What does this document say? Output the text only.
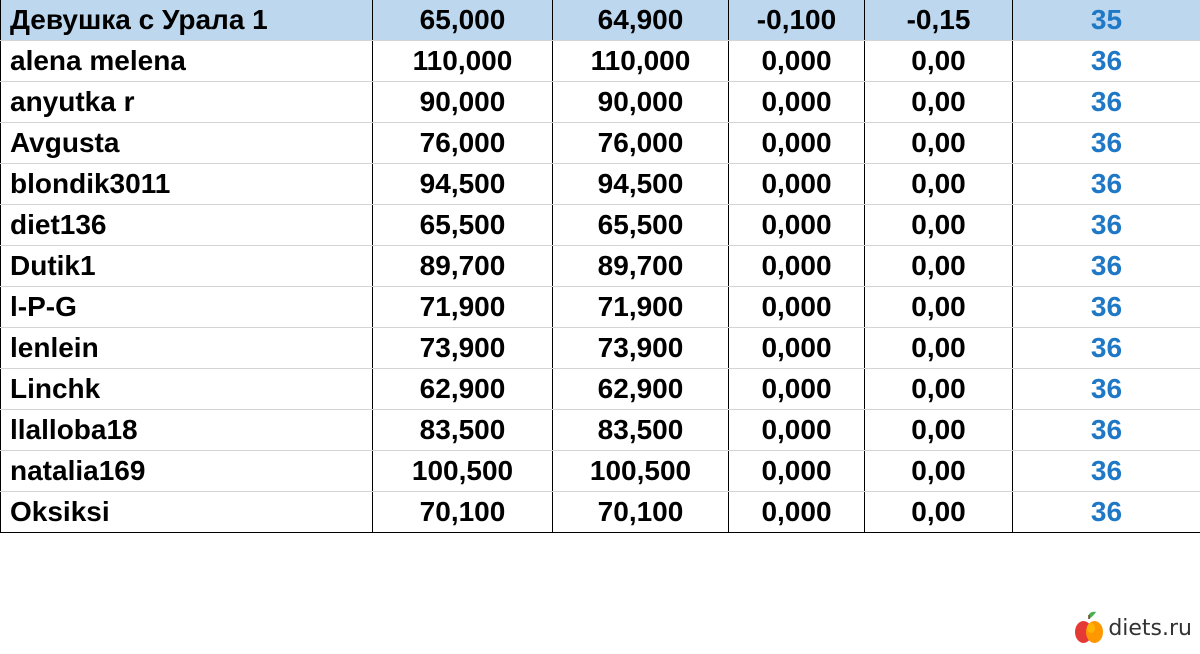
Девушка с Урала 1	65,000	64,900	-0,100	-0,15	35
alena melena	110,000	110,000	0,000	0,00	36
anyutka r	90,000	90,000	0,000	0,00	36
Avgusta	76,000	76,000	0,000	0,00	36
blondik3011	94,500	94,500	0,000	0,00	36
diet136	65,500	65,500	0,000	0,00	36
Dutik1	89,700	89,700	0,000	0,00	36
l-P-G	71,900	71,900	0,000	0,00	36
lenlein	73,900	73,900	0,000	0,00	36
Linchk	62,900	62,900	0,000	0,00	36
llalloba18	83,500	83,500	0,000	0,00	36
natalia169	100,500	100,500	0,000	0,00	36
Oksiksi	70,100	70,100	0,000	0,00	36
diets.ru
